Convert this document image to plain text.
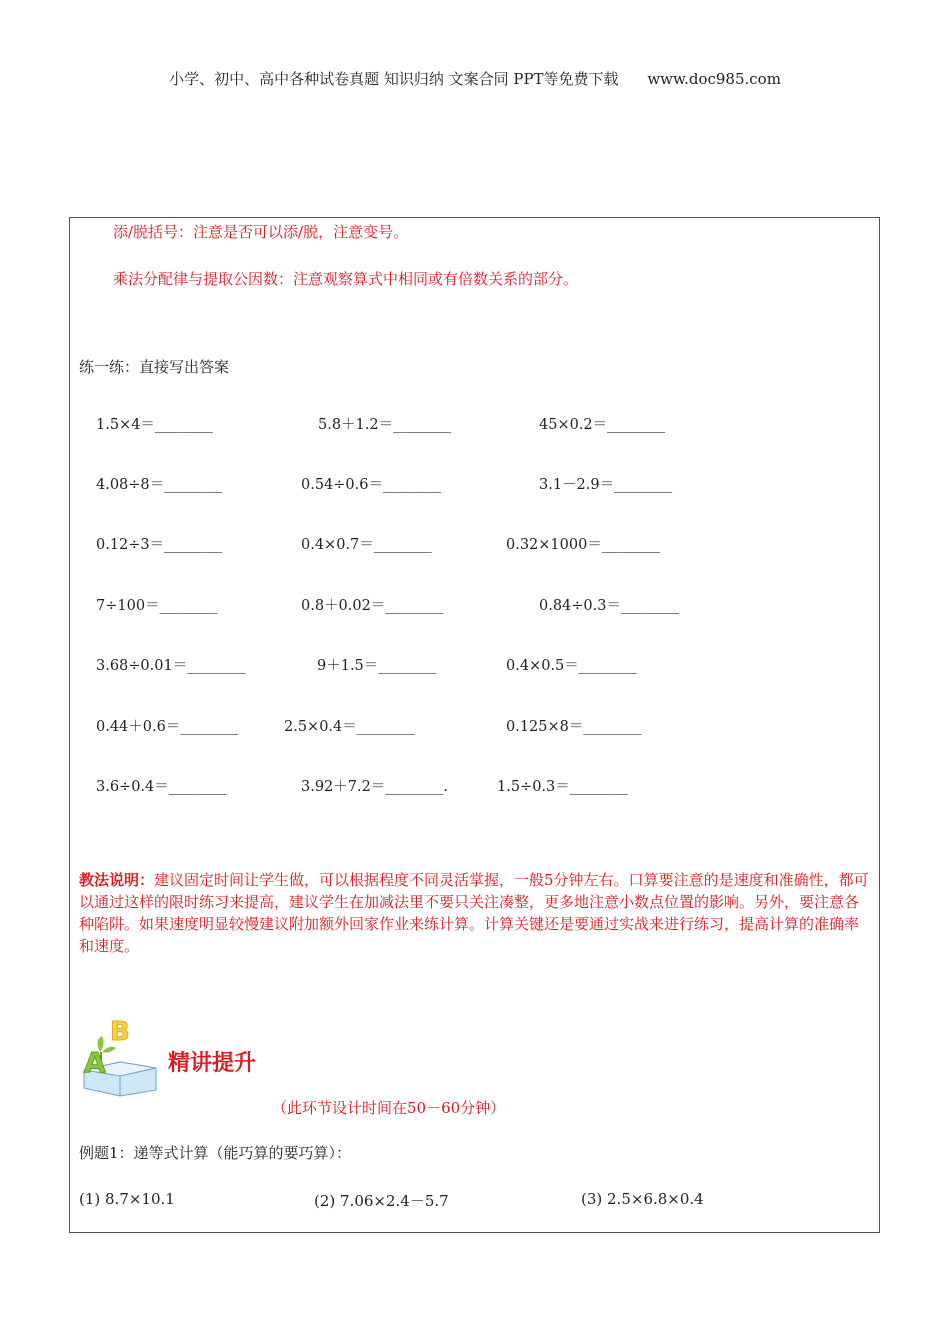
小学、初中、高中各种试卷真题 知识归纳 文案合同 PPT等免费下载 www.doc985.com
添/脱括号：注意是否可以添/脱，注意变号。
乘法分配律与提取公因数：注意观察算式中相同或有倍数关系的部分。
练一练：直接写出答案
1.5×4＝________	5.8＋1.2＝________	45×0.2＝________
4.08÷8＝________	0.54÷0.6＝________	3.1－2.9＝________
0.12÷3＝________	0.4×0.7＝________	0.32×1000＝________
7÷100＝________	0.8＋0.02＝________	0.84÷0.3＝________
3.68÷0.01＝________	9＋1.5＝________	0.4×0.5＝________
0.44＋0.6＝________	2.5×0.4＝________	0.125×8＝________
3.6÷0.4＝________	3.92＋7.2＝________.	1.5÷0.3＝________
教法说明：建议固定时间让学生做，可以根据程度不同灵活掌握，一般5分钟左右。口算要注意的是速度和准确性，都可以通过这样的限时练习来提高，建议学生在加减法里不要只关注凑整，更多地注意小数点位置的影响。另外，要注意各种陷阱。如果速度明显较慢建议附加额外回家作业来练计算。计算关键还是要通过实战来进行练习，提高计算的准确率和速度。
B
A	精讲提升
（此环节设计时间在50－60分钟）
例题1：递等式计算（能巧算的要巧算）：
(1) 8.7×10.1	(2) 7.06×2.4－5.7	(3) 2.5×6.8×0.4
